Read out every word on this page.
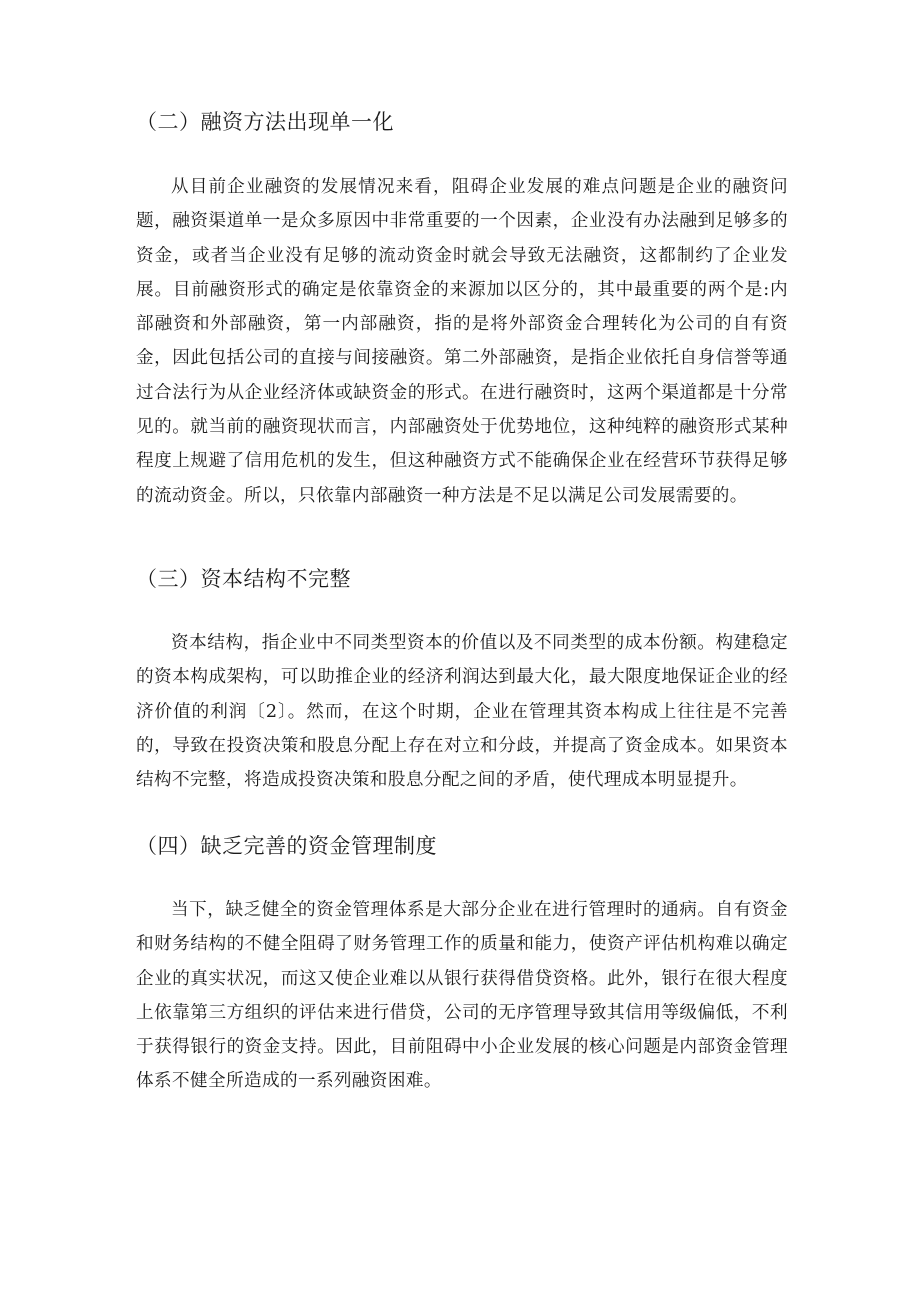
（二）融资方法出现单一化

从目前企业融资的发展情况来看，阻碍企业发展的难点问题是企业的融资问题，融资渠道单一是众多原因中非常重要的一个因素，企业没有办法融到足够多的资金，或者当企业没有足够的流动资金时就会导致无法融资，这都制约了企业发展。目前融资形式的确定是依靠资金的来源加以区分的，其中最重要的两个是:内部融资和外部融资，第一内部融资，指的是将外部资金合理转化为公司的自有资金，因此包括公司的直接与间接融资。第二外部融资，是指企业依托自身信誉等通过合法行为从企业经济体或缺资金的形式。在进行融资时，这两个渠道都是十分常见的。就当前的融资现状而言，内部融资处于优势地位，这种纯粹的融资形式某种程度上规避了信用危机的发生，但这种融资方式不能确保企业在经营环节获得足够的流动资金。所以，只依靠内部融资一种方法是不足以满足公司发展需要的。

（三）资本结构不完整

资本结构，指企业中不同类型资本的价值以及不同类型的成本份额。构建稳定的资本构成架构，可以助推企业的经济利润达到最大化，最大限度地保证企业的经济价值的利润〔2〕。然而，在这个时期，企业在管理其资本构成上往往是不完善的，导致在投资决策和股息分配上存在对立和分歧，并提高了资金成本。如果资本结构不完整，将造成投资决策和股息分配之间的矛盾，使代理成本明显提升。

（四）缺乏完善的资金管理制度

当下，缺乏健全的资金管理体系是大部分企业在进行管理时的通病。自有资金和财务结构的不健全阻碍了财务管理工作的质量和能力，使资产评估机构难以确定企业的真实状况，而这又使企业难以从银行获得借贷资格。此外，银行在很大程度上依靠第三方组织的评估来进行借贷，公司的无序管理导致其信用等级偏低，不利于获得银行的资金支持。因此，目前阻碍中小企业发展的核心问题是内部资金管理体系不健全所造成的一系列融资困难。
